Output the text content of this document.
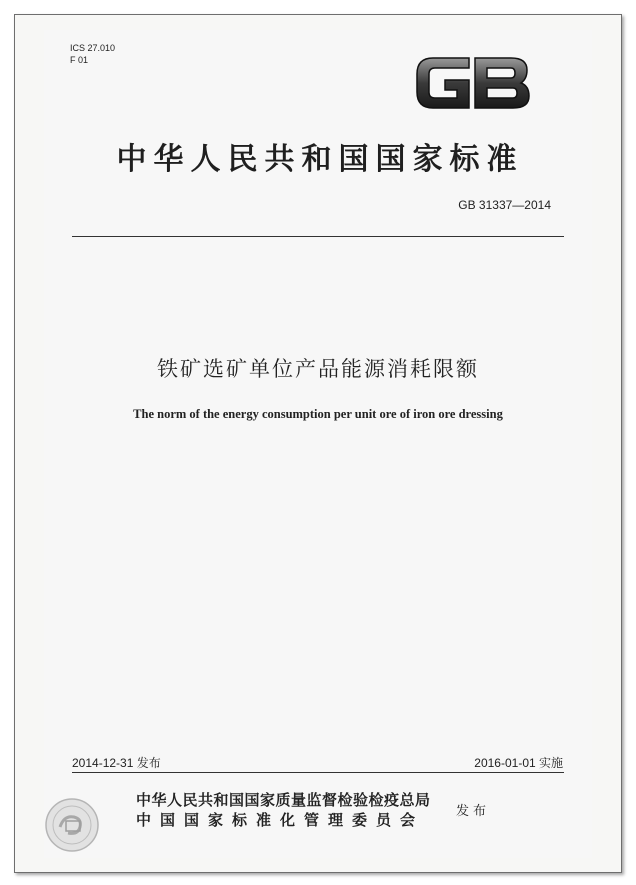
ICS 27.010
F 01
GB
中华人民共和国国家标准
GB 31337—2014
铁矿选矿单位产品能源消耗限额
The norm of the energy consumption per unit ore of iron ore dressing
2014-12-31 发布	2016-01-01 实施
中华人民共和国国家质量监督检验检疫总局
中国国家标准化管理委员会	发布
